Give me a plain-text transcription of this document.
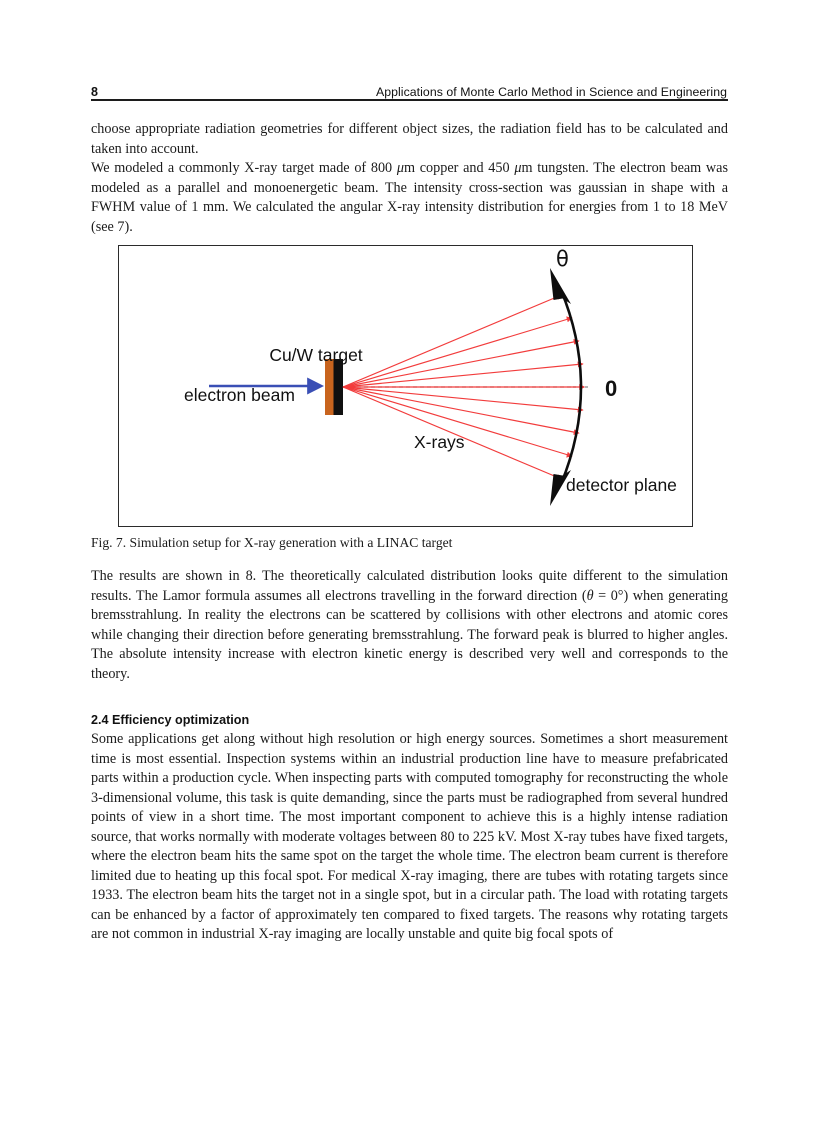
8	Applications of Monte Carlo Method in Science and Engineering

choose appropriate radiation geometries for different object sizes, the radiation field has to be calculated and taken into account.

We modeled a commonly X-ray target made of 800 μm copper and 450 μm tungsten. The electron beam was modeled as a parallel and monoenergetic beam. The intensity cross-section was gaussian in shape with a FWHM value of 1 mm. We calculated the angular X-ray intensity distribution for energies from 1 to 18 MeV (see 7).

θ
0
Cu/W target
electron beam
X-rays
detector plane
Fig. 7. Simulation setup for X-ray generation with a LINAC target

The results are shown in 8. The theoretically calculated distribution looks quite different to the simulation results. The Lamor formula assumes all electrons travelling in the forward direction (θ = 0°) when generating bremsstrahlung. In reality the electrons can be scattered by collisions with other electrons and atomic cores while changing their direction before generating bremsstrahlung. The forward peak is blurred to higher angles. The absolute intensity increase with electron kinetic energy is described very well and corresponds to the theory.

2.4 Efficiency optimization

Some applications get along without high resolution or high energy sources. Sometimes a short measurement time is most essential. Inspection systems within an industrial production line have to measure prefabricated parts within a production cycle. When inspecting parts with computed tomography for reconstructing the whole 3-dimensional volume, this task is quite demanding, since the parts must be radiographed from several hundred points of view in a short time. The most important component to achieve this is a highly intense radiation source, that works normally with moderate voltages between 80 to 225 kV. Most X-ray tubes have fixed targets, where the electron beam hits the same spot on the target the whole time. The electron beam current is therefore limited due to heating up this focal spot. For medical X-ray imaging, there are tubes with rotating targets since 1933. The electron beam hits the target not in a single spot, but in a circular path. The load with rotating targets can be enhanced by a factor of approximately ten compared to fixed targets. The reasons why rotating targets are not common in industrial X-ray imaging are locally unstable and quite big focal spots of
